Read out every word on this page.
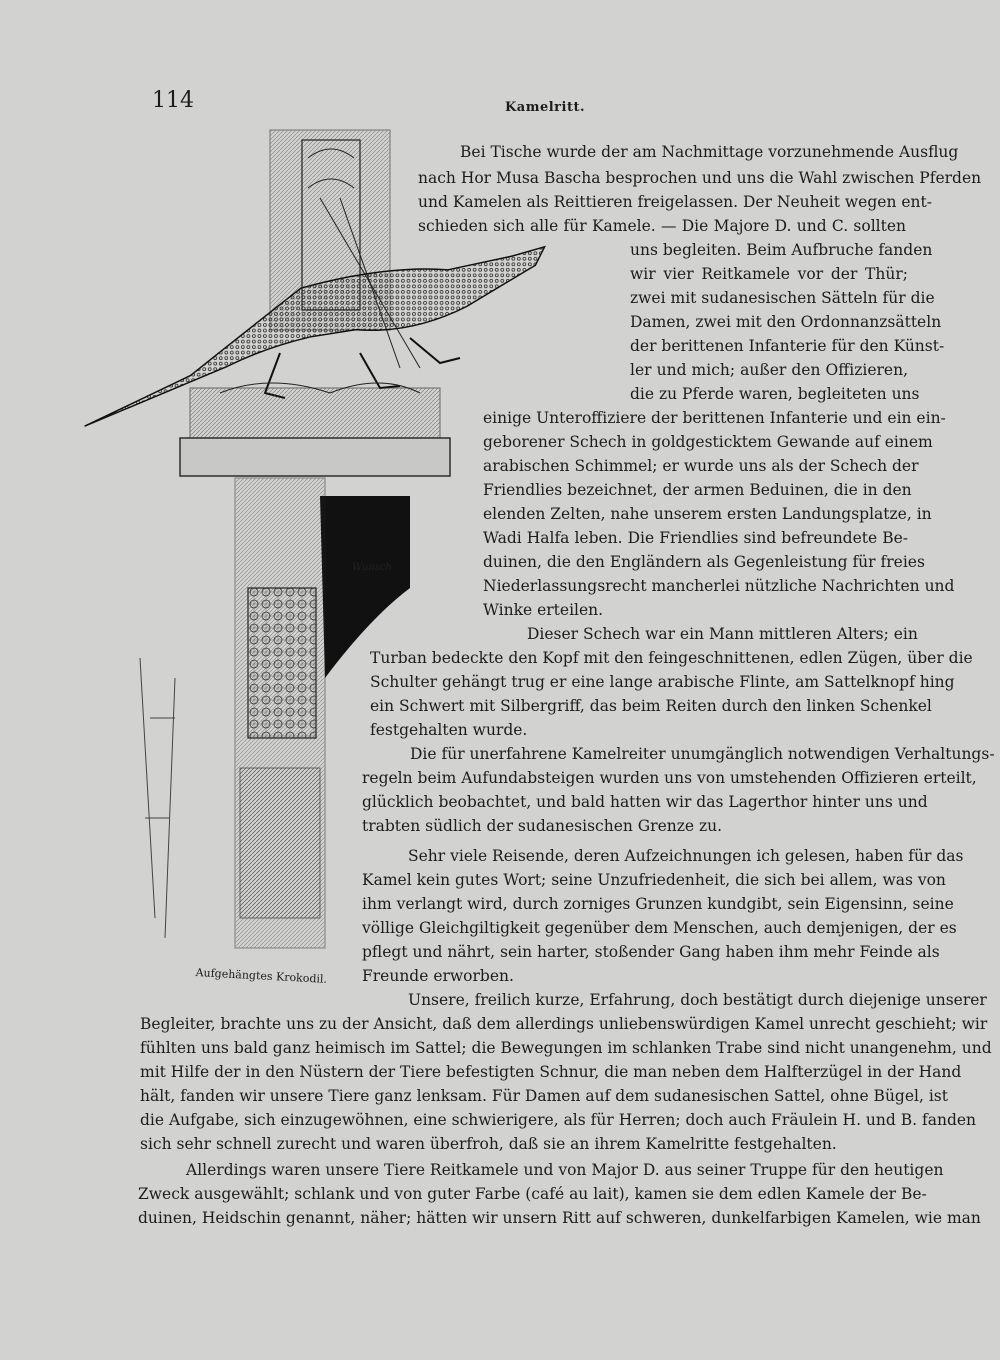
114	Kamelritt.
Wunsch
Aufgehängtes Krokodil.
Bei Tische wurde der am Nachmittage vorzunehmende Ausflug
nach Hor Musa Bascha besprochen und uns die Wahl zwischen Pferden
und Kamelen als Reittieren freigelassen. Der Neuheit wegen ent-
schieden sich alle für Kamele. — Die Majore D. und C. sollten
uns begleiten. Beim Aufbruche fanden
wir vier Reitkamele vor der Thür;
zwei mit sudanesischen Sätteln für die
Damen, zwei mit den Ordonnanzsätteln
der berittenen Infanterie für den Künst-
ler und mich; außer den Offizieren,
die zu Pferde waren, begleiteten uns
einige Unteroffiziere der berittenen Infanterie und ein ein-
geborener Schech in goldgesticktem Gewande auf einem
arabischen Schimmel; er wurde uns als der Schech der
Friendlies bezeichnet, der armen Beduinen, die in den
elenden Zelten, nahe unserem ersten Landungsplatze, in
Wadi Halfa leben. Die Friendlies sind befreundete Be-
duinen, die den Engländern als Gegenleistung für freies
Niederlassungsrecht mancherlei nützliche Nachrichten und
Winke erteilen.
Dieser Schech war ein Mann mittleren Alters; ein
Turban bedeckte den Kopf mit den feingeschnittenen, edlen Zügen, über die
Schulter gehängt trug er eine lange arabische Flinte, am Sattelknopf hing
ein Schwert mit Silbergriff, das beim Reiten durch den linken Schenkel
festgehalten wurde.
Die für unerfahrene Kamelreiter unumgänglich notwendigen Verhaltungs-
regeln beim Aufundabsteigen wurden uns von umstehenden Offizieren erteilt,
glücklich beobachtet, und bald hatten wir das Lagerthor hinter uns und
trabten südlich der sudanesischen Grenze zu.
Sehr viele Reisende, deren Aufzeichnungen ich gelesen, haben für das
Kamel kein gutes Wort; seine Unzufriedenheit, die sich bei allem, was von
ihm verlangt wird, durch zorniges Grunzen kundgibt, sein Eigensinn, seine
völlige Gleichgiltigkeit gegenüber dem Menschen, auch demjenigen, der es
pflegt und nährt, sein harter, stoßender Gang haben ihm mehr Feinde als
Freunde erworben.
Unsere, freilich kurze, Erfahrung, doch bestätigt durch diejenige unserer
Begleiter, brachte uns zu der Ansicht, daß dem allerdings unliebenswürdigen Kamel unrecht geschieht; wir
fühlten uns bald ganz heimisch im Sattel; die Bewegungen im schlanken Trabe sind nicht unangenehm, und
mit Hilfe der in den Nüstern der Tiere befestigten Schnur, die man neben dem Halfterzügel in der Hand
hält, fanden wir unsere Tiere ganz lenksam. Für Damen auf dem sudanesischen Sattel, ohne Bügel, ist
die Aufgabe, sich einzugewöhnen, eine schwierigere, als für Herren; doch auch Fräulein H. und B. fanden
sich sehr schnell zurecht und waren überfroh, daß sie an ihrem Kamelritte festgehalten.
Allerdings waren unsere Tiere Reitkamele und von Major D. aus seiner Truppe für den heutigen
Zweck ausgewählt; schlank und von guter Farbe (café au lait), kamen sie dem edlen Kamele der Be-
duinen, Heidschin genannt, näher; hätten wir unsern Ritt auf schweren, dunkelfarbigen Kamelen, wie man
